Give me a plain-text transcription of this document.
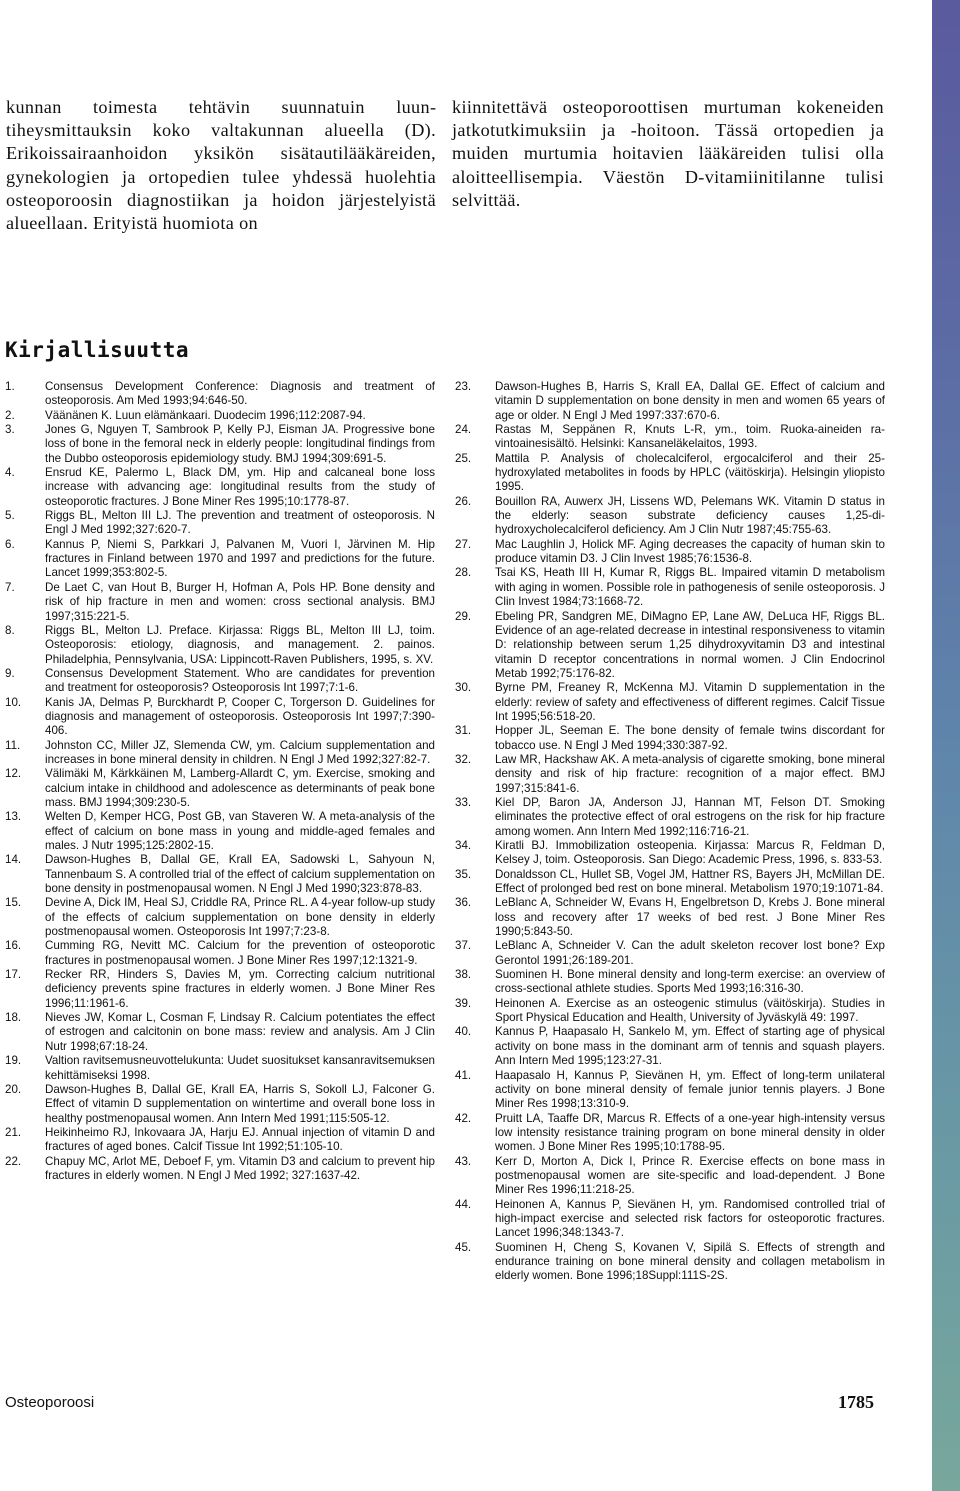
kunnan toimesta tehtävin suunnatuin luuntiheysmittauksin koko valtakunnan alueella (D). Erikoissairaanhoidon yksikön sisätautilääkäreiden, gynekologien ja ortopedien tulee yhdessä huolehtia osteoporoosin diagnostiikan ja hoidon järjestelyistä alueellaan. Erityistä huomiota on

kiinnitettävä osteoporoottisen murtuman kokeneiden jatkotutkimuksiin ja -hoitoon. Tässä ortopedien ja muiden murtumia hoitavien lääkäreiden tulisi olla aloitteellisempia. Väestön D-vitamiinitilanne tulisi selvittää.

Kirjallisuutta
1.	Consensus Development Conference: Diagnosis and treatment of osteoporosis. Am Med 1993;94:646-50.
2.	Väänänen K. Luun elämänkaari. Duodecim 1996;112:2087-94.
3.	Jones G, Nguyen T, Sambrook P, Kelly PJ, Eisman JA. Progressive bone loss of bone in the femoral neck in elderly people: longitudinal findings from the Dubbo osteoporosis epidemiology study. BMJ 1994;309:691-5.
4.	Ensrud KE, Palermo L, Black DM, ym. Hip and calcaneal bone loss increase with advancing age: longitudinal results from the study of osteoporotic fractures. J Bone Miner Res 1995;10:1778-87.
5.	Riggs BL, Melton III LJ. The prevention and treatment of osteoporosis. N Engl J Med 1992;327:620-7.
6.	Kannus P, Niemi S, Parkkari J, Palvanen M, Vuori I, Järvinen M. Hip fractures in Finland between 1970 and 1997 and predictions for the future. Lancet 1999;353:802-5.
7.	De Laet C, van Hout B, Burger H, Hofman A, Pols HP. Bone density and risk of hip fracture in men and women: cross sectional analysis. BMJ 1997;315:221-5.
8.	Riggs BL, Melton LJ. Preface. Kirjassa: Riggs BL, Melton III LJ, toim. Osteoporosis: etiology, diagnosis, and management. 2. painos. Philadelphia, Pennsylvania, USA: Lippincott-Raven Publishers, 1995, s. XV.
9.	Consensus Development Statement. Who are candidates for prevention and treatment for osteoporosis? Osteoporosis Int 1997;7:1-6.
10.	Kanis JA, Delmas P, Burckhardt P, Cooper C, Torgerson D. Guidelines for diagnosis and management of osteoporosis. Osteoporosis Int 1997;7:390-406.
11.	Johnston CC, Miller JZ, Slemenda CW, ym. Calcium supplementation and increases in bone mineral density in children. N Engl J Med 1992;327:82-7.
12.	Välimäki M, Kärkkäinen M, Lamberg-Allardt C, ym. Exercise, smoking and calcium intake in childhood and adolescence as determinants of peak bone mass. BMJ 1994;309:230-5.
13.	Welten D, Kemper HCG, Post GB, van Staveren W. A meta-analysis of the effect of calcium on bone mass in young and middle-aged females and males. J Nutr 1995;125:2802-15.
14.	Dawson-Hughes B, Dallal GE, Krall EA, Sadowski L, Sahyoun N, Tannenbaum S. A controlled trial of the effect of calcium supplementation on bone density in postmenopausal women. N Engl J Med 1990;323:878-83.
15.	Devine A, Dick IM, Heal SJ, Criddle RA, Prince RL. A 4-year follow-up study of the effects of calcium supplementation on bone density in elderly postmenopausal women. Osteoporosis Int 1997;7:23-8.
16.	Cumming RG, Nevitt MC. Calcium for the prevention of osteoporotic fractures in postmenopausal women. J Bone Miner Res 1997;12:1321-9.
17.	Recker RR, Hinders S, Davies M, ym. Correcting calcium nutritional deficiency prevents spine fractures in elderly women. J Bone Miner Res 1996;11:1961-6.
18.	Nieves JW, Komar L, Cosman F, Lindsay R. Calcium potentiates the effect of estrogen and calcitonin on bone mass: review and analysis. Am J Clin Nutr 1998;67:18-24.
19.	Valtion ravitsemusneuvottelukunta: Uudet suositukset kansanravitsemuksen kehittämiseksi 1998.
20.	Dawson-Hughes B, Dallal GE, Krall EA, Harris S, Sokoll LJ, Falconer G. Effect of vitamin D supplementation on wintertime and overall bone loss in healthy postmenopausal women. Ann Intern Med 1991;115:505-12.
21.	Heikinheimo RJ, Inkovaara JA, Harju EJ. Annual injection of vitamin D and fractures of aged bones. Calcif Tissue Int 1992;51:105-10.
22.	Chapuy MC, Arlot ME, Deboef F, ym. Vitamin D3 and calcium to prevent hip fractures in elderly women. N Engl J Med 1992; 327:1637-42.
23.	Dawson-Hughes B, Harris S, Krall EA, Dallal GE. Effect of calcium and vitamin D supplementation on bone density in men and women 65 years of age or older. N Engl J Med 1997:337:670-6.
24.	Rastas M, Seppänen R, Knuts L-R, ym., toim. Ruoka-aineiden ravintoainesisältö. Helsinki: Kansaneläkelaitos, 1993.
25.	Mattila P. Analysis of cholecalciferol, ergocalciferol and their 25-hydroxylated metabolites in foods by HPLC (väitöskirja). Helsingin yliopisto 1995.
26.	Bouillon RA, Auwerx JH, Lissens WD, Pelemans WK. Vitamin D status in the elderly: season substrate deficiency causes 1,25-dihydroxycholecalciferol deficiency. Am J Clin Nutr 1987;45:755-63.
27.	Mac Laughlin J, Holick MF. Aging decreases the capacity of human skin to produce vitamin D3. J Clin Invest 1985;76:1536-8.
28.	Tsai KS, Heath III H, Kumar R, Riggs BL. Impaired vitamin D metabolism with aging in women. Possible role in pathogenesis of senile osteoporosis. J Clin Invest 1984;73:1668-72.
29.	Ebeling PR, Sandgren ME, DiMagno EP, Lane AW, DeLuca HF, Riggs BL. Evidence of an age-related decrease in intestinal responsiveness to vitamin D: relationship between serum 1,25 dihydroxyvitamin D3 and intestinal vitamin D receptor concentrations in normal women. J Clin Endocrinol Metab 1992;75:176-82.
30.	Byrne PM, Freaney R, McKenna MJ. Vitamin D supplementation in the elderly: review of safety and effectiveness of different regimes. Calcif Tissue Int 1995;56:518-20.
31.	Hopper JL, Seeman E. The bone density of female twins discordant for tobacco use. N Engl J Med 1994;330:387-92.
32.	Law MR, Hackshaw AK. A meta-analysis of cigarette smoking, bone mineral density and risk of hip fracture: recognition of a major effect. BMJ 1997;315:841-6.
33.	Kiel DP, Baron JA, Anderson JJ, Hannan MT, Felson DT. Smoking eliminates the protective effect of oral estrogens on the risk for hip fracture among women. Ann Intern Med 1992;116:716-21.
34.	Kiratli BJ. Immobilization osteopenia. Kirjassa: Marcus R, Feldman D, Kelsey J, toim. Osteoporosis. San Diego: Academic Press, 1996, s. 833-53.
35.	Donaldsson CL, Hullet SB, Vogel JM, Hattner RS, Bayers JH, McMillan DE. Effect of prolonged bed rest on bone mineral. Metabolism 1970;19:1071-84.
36.	LeBlanc A, Schneider W, Evans H, Engelbretson D, Krebs J. Bone mineral loss and recovery after 17 weeks of bed rest. J Bone Miner Res 1990;5:843-50.
37.	LeBlanc A, Schneider V. Can the adult skeleton recover lost bone? Exp Gerontol 1991;26:189-201.
38.	Suominen H. Bone mineral density and long-term exercise: an overview of cross-sectional athlete studies. Sports Med 1993;16:316-30.
39.	Heinonen A. Exercise as an osteogenic stimulus (väitöskirja). Studies in Sport Physical Education and Health, University of Jyväskylä 49: 1997.
40.	Kannus P, Haapasalo H, Sankelo M, ym. Effect of starting age of physical activity on bone mass in the dominant arm of tennis and squash players. Ann Intern Med 1995;123:27-31.
41.	Haapasalo H, Kannus P, Sievänen H, ym. Effect of long-term unilateral activity on bone mineral density of female junior tennis players. J Bone Miner Res 1998;13:310-9.
42.	Pruitt LA, Taaffe DR, Marcus R. Effects of a one-year high-intensity versus low intensity resistance training program on bone mineral density in older women. J Bone Miner Res 1995;10:1788-95.
43.	Kerr D, Morton A, Dick I, Prince R. Exercise effects on bone mass in postmenopausal women are site-specific and load-dependent. J Bone Miner Res 1996;11:218-25.
44.	Heinonen A, Kannus P, Sievänen H, ym. Randomised controlled trial of high-impact exercise and selected risk factors for osteoporotic fractures. Lancet 1996;348:1343-7.
45.	Suominen H, Cheng S, Kovanen V, Sipilä S. Effects of strength and endurance training on bone mineral density and collagen metabolism in elderly women. Bone 1996;18Suppl:111S-2S.
Osteoporoosi	1785
